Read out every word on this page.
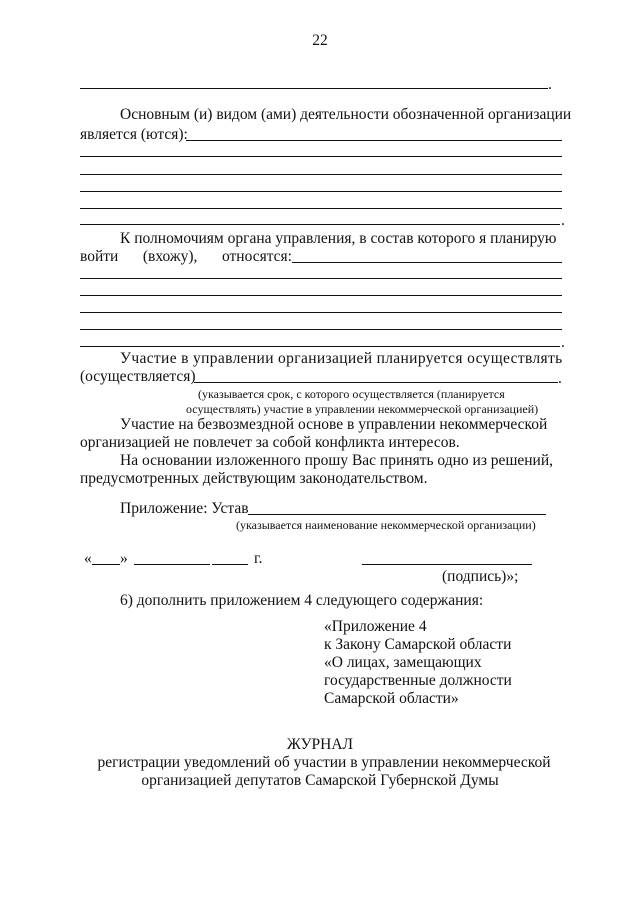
22
.
Основным (и) видом (ами) деятельности обозначенной организации
является (ются):
.
К полномочиям органа управления, в состав которого я планирую
войти (вхожу), относятся:
.
Участие в управлении организацией планируется осуществлять
(осуществляется)	.
(указывается срок, с которого осуществляется (планируется
осуществлять) участие в управлении некоммерческой организацией)
Участие на безвозмездной основе в управлении некоммерческой
организацией не повлечет за собой конфликта интересов.
На основании изложенного прошу Вас принять одно из решений,
предусмотренных действующим законодательством.
Приложение: Устав
(указывается наименование некоммерческой организации)
« »	г.
(подпись)»;
6) дополнить приложением 4 следующего содержания:
«Приложение 4
к Закону Самарской области
«О лицах, замещающих
государственные должности
Самарской области»
ЖУРНАЛ
регистрации уведомлений об участии в управлении некоммерческой
организацией депутатов Самарской Губернской Думы
